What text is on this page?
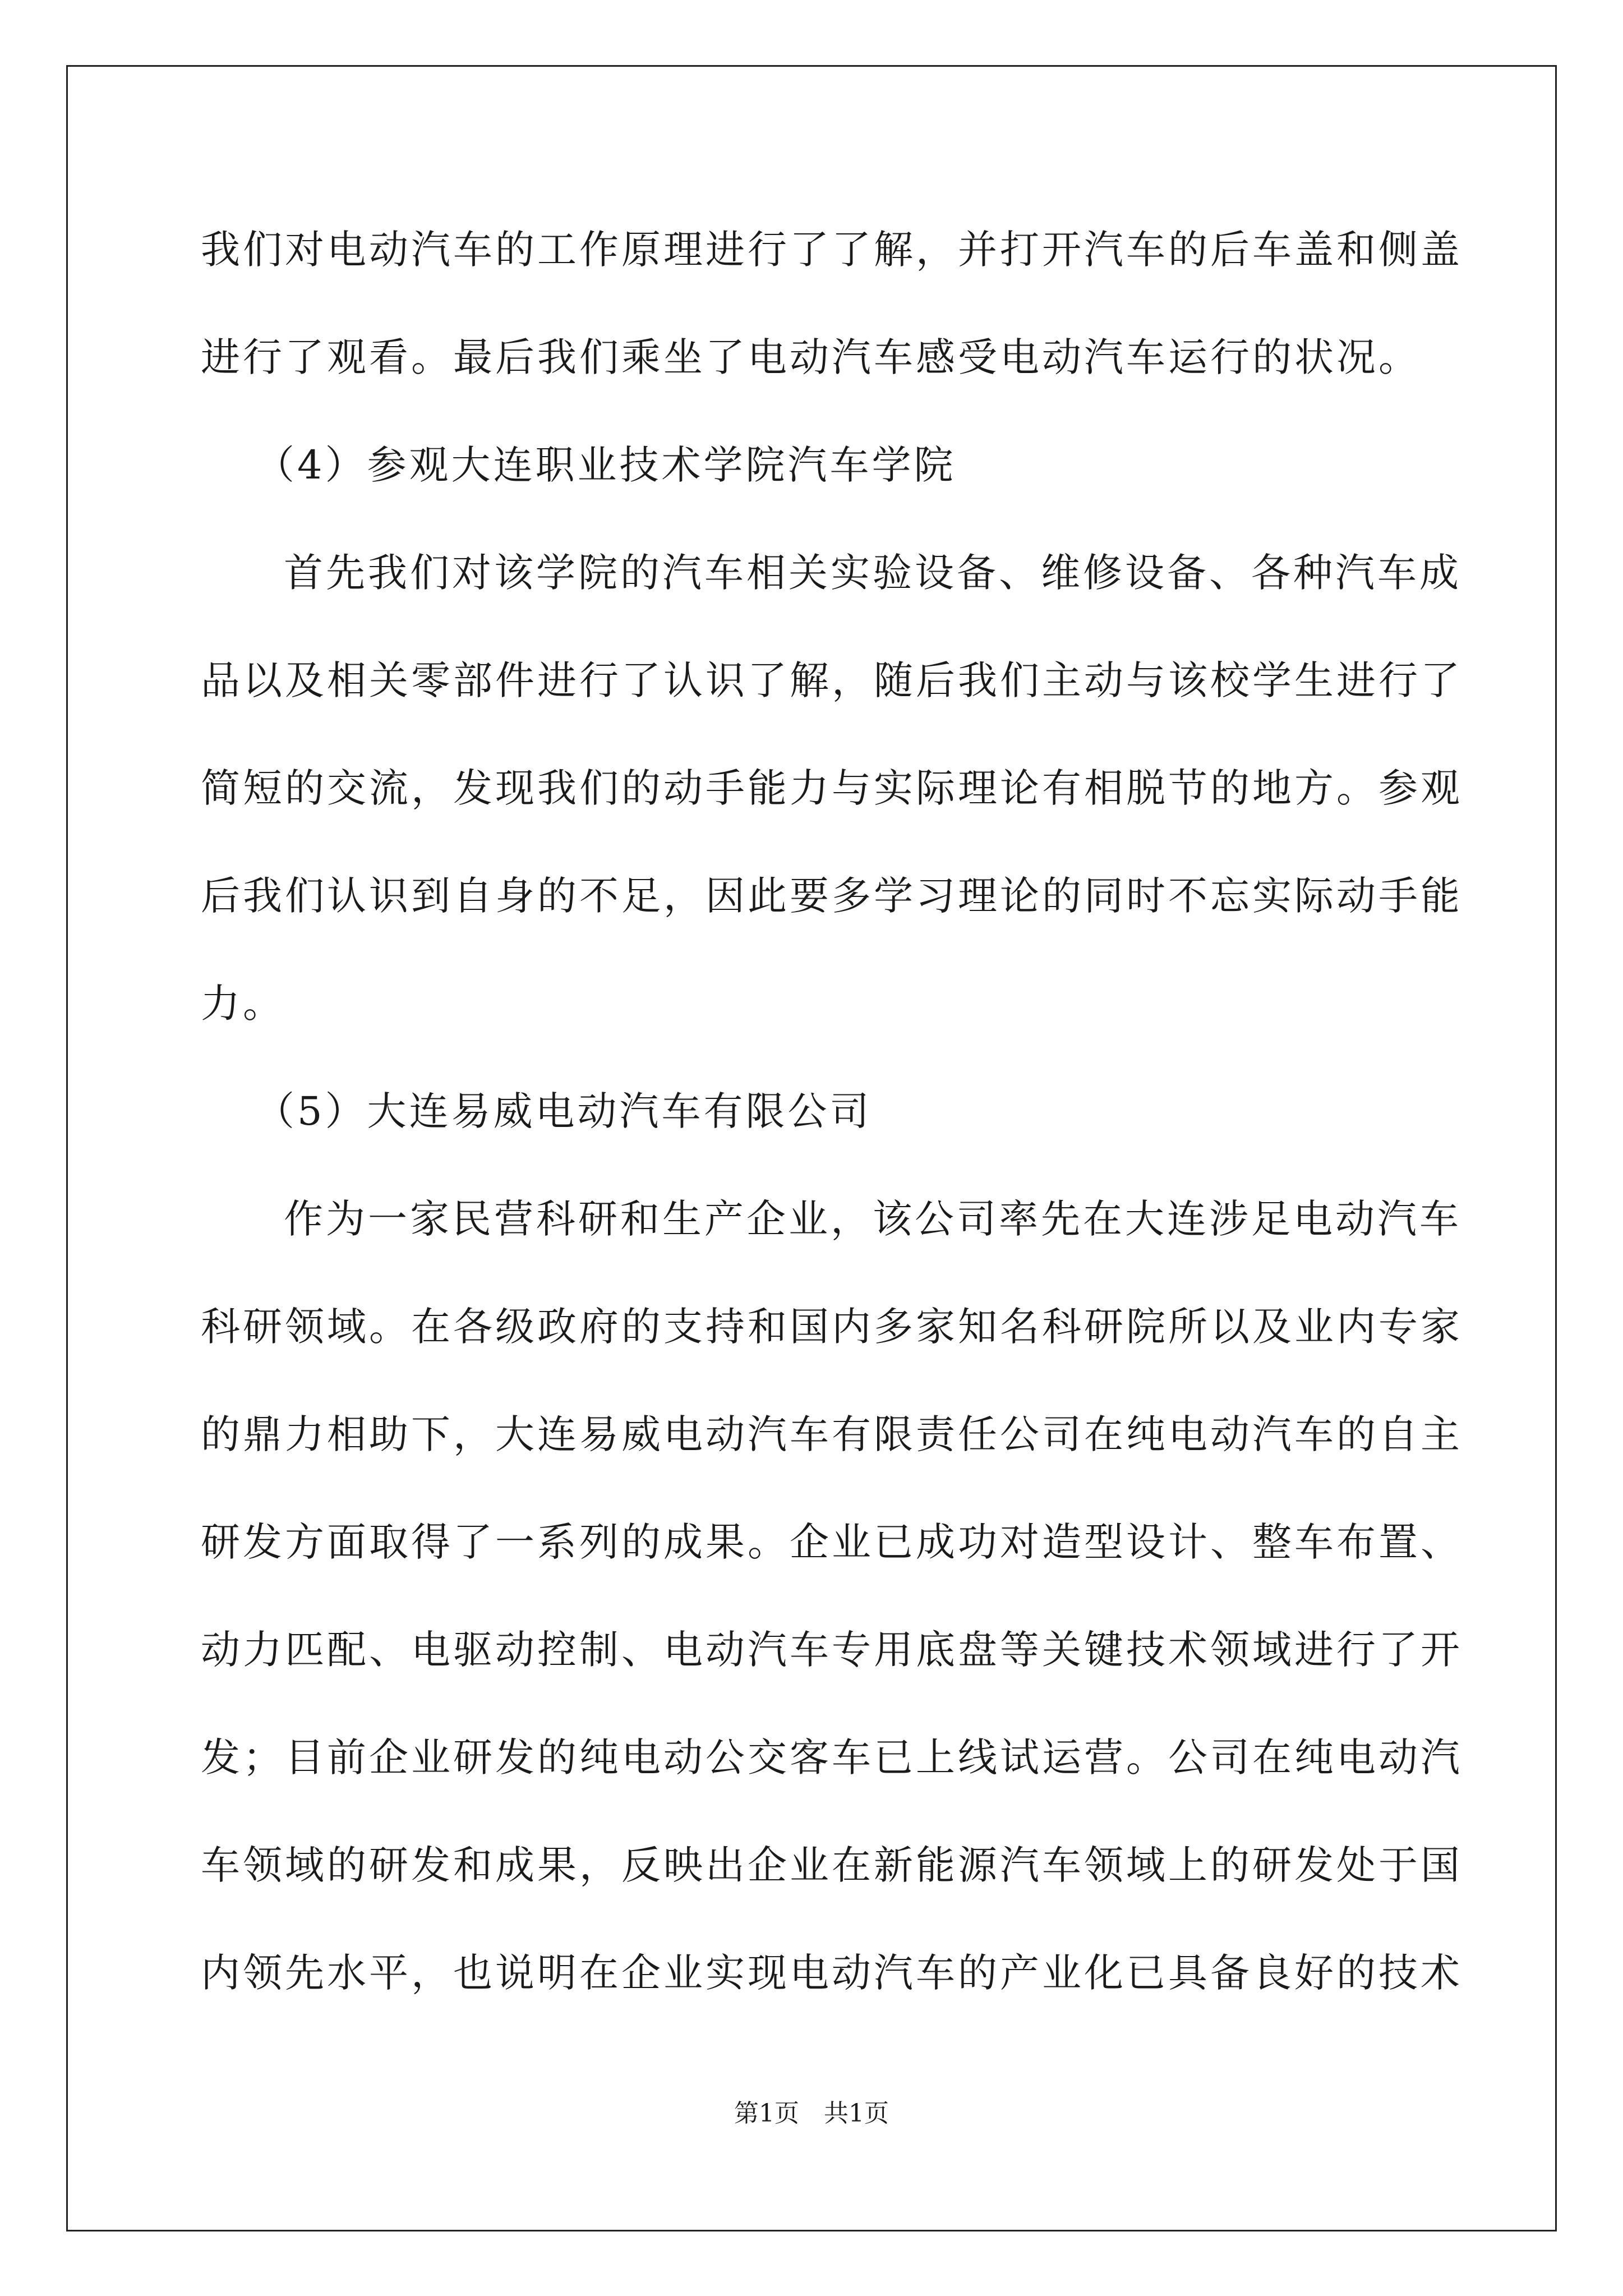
我们对电动汽车的工作原理进行了了解，并打开汽车的后车盖和侧盖
进行了观看。最后我们乘坐了电动汽车感受电动汽车运行的状况。
（4）参观大连职业技术学院汽车学院
首先我们对该学院的汽车相关实验设备、维修设备、各种汽车成
品以及相关零部件进行了认识了解，随后我们主动与该校学生进行了
简短的交流，发现我们的动手能力与实际理论有相脱节的地方。参观
后我们认识到自身的不足，因此要多学习理论的同时不忘实际动手能
力。
（5）大连易威电动汽车有限公司
作为一家民营科研和生产企业，该公司率先在大连涉足电动汽车
科研领域。在各级政府的支持和国内多家知名科研院所以及业内专家
的鼎力相助下，大连易威电动汽车有限责任公司在纯电动汽车的自主
研发方面取得了一系列的成果。企业已成功对造型设计、整车布置、
动力匹配、电驱动控制、电动汽车专用底盘等关键技术领域进行了开
发；目前企业研发的纯电动公交客车已上线试运营。公司在纯电动汽
车领域的研发和成果，反映出企业在新能源汽车领域上的研发处于国
内领先水平，也说明在企业实现电动汽车的产业化已具备良好的技术
第1页　共1页
